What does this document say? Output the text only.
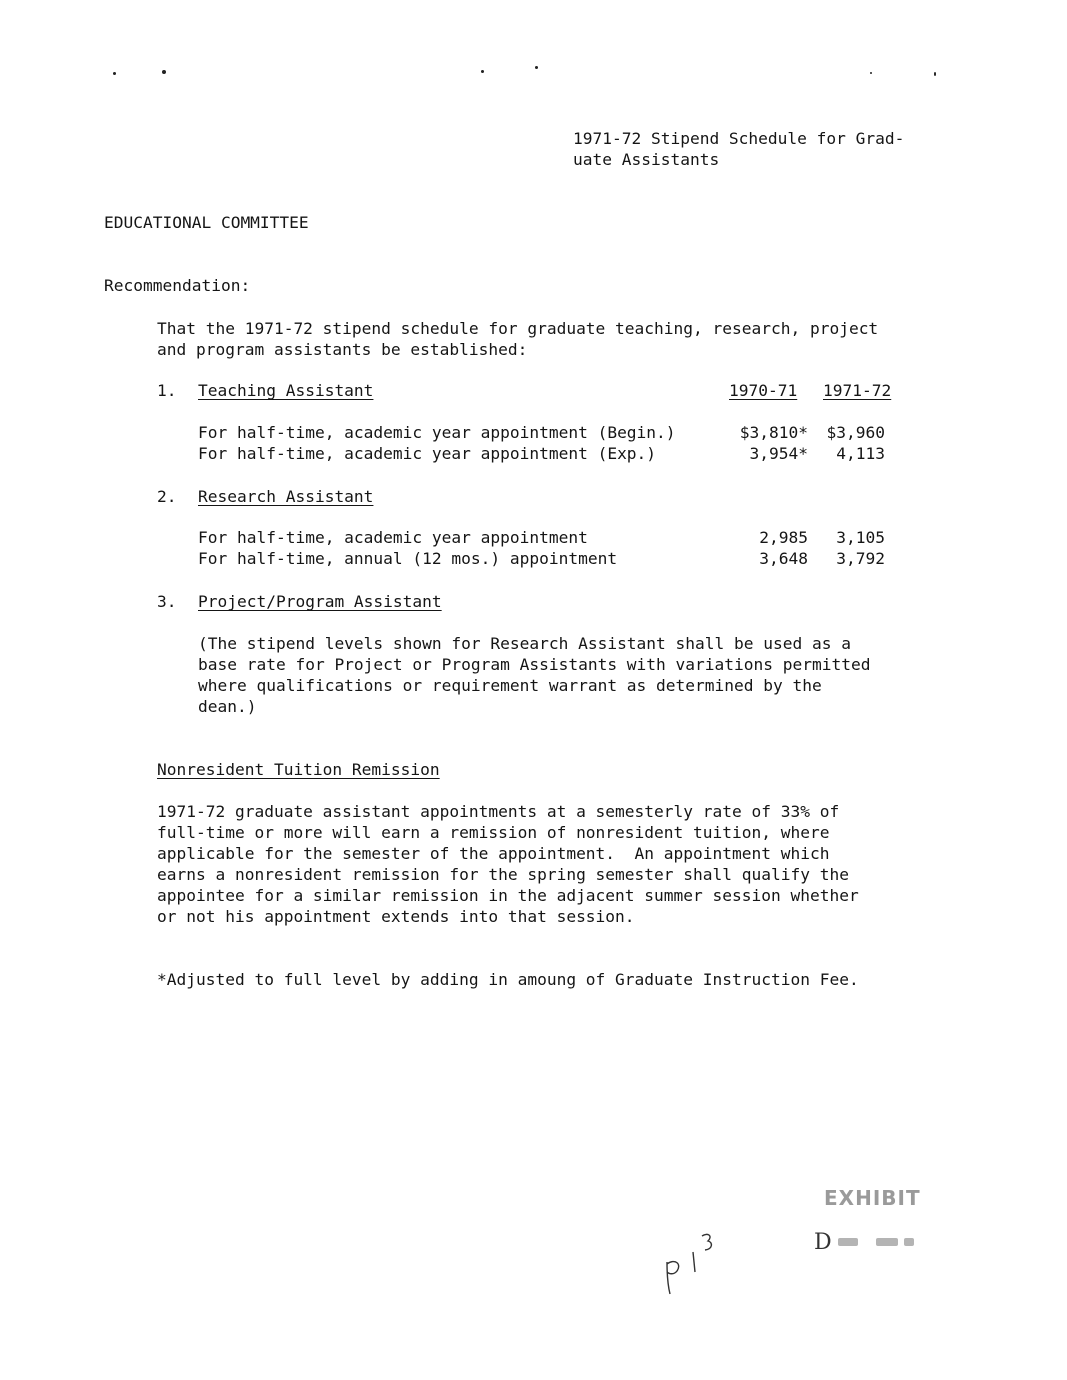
1971-72 Stipend Schedule for Grad-
uate Assistants
EDUCATIONAL COMMITTEE
Recommendation:
That the 1971-72 stipend schedule for graduate teaching, research, project
and program assistants be established:
1. Teaching Assistant	1970-71 1971-72
For half-time, academic year appointment (Begin.)	$3,810*	$3,960
For half-time, academic year appointment (Exp.)	3,954*	4,113
2. Research Assistant
For half-time, academic year appointment	2,985	3,105
For half-time, annual (12 mos.) appointment	3,648	3,792
3. Project/Program Assistant
(The stipend levels shown for Research Assistant shall be used as a
base rate for Project or Program Assistants with variations permitted
where qualifications or requirement warrant as determined by the
dean.)
Nonresident Tuition Remission
1971-72 graduate assistant appointments at a semesterly rate of 33% of
full-time or more will earn a remission of nonresident tuition, where
applicable for the semester of the appointment.  An appointment which
earns a nonresident remission for the spring semester shall qualify the
appointee for a similar remission in the adjacent summer session whether
or not his appointment extends into that session.
*Adjusted to full level by adding in amoung of Graduate Instruction Fee.
EXHIBIT
D
